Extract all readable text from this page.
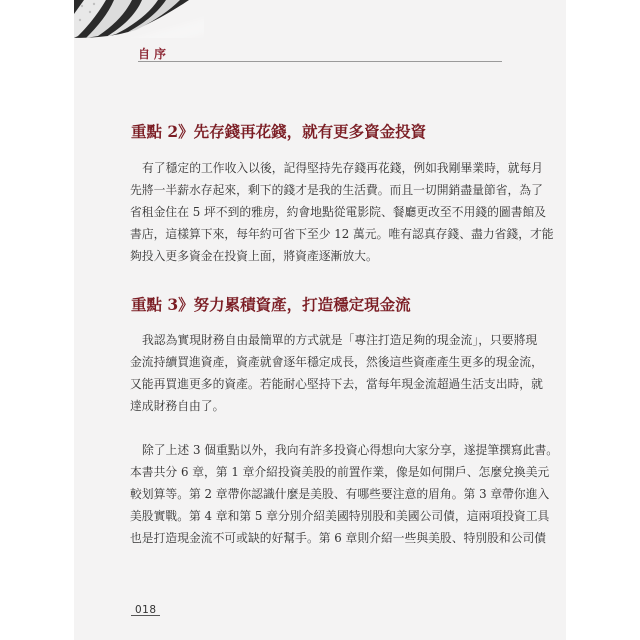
自序
重點 2》先存錢再花錢，就有更多資金投資
有了穩定的工作收入以後，記得堅持先存錢再花錢，例如我剛畢業時，就每月
先將一半薪水存起來，剩下的錢才是我的生活費。而且一切開銷盡量節省，為了
省租金住在 5 坪不到的雅房，約會地點從電影院、餐廳更改至不用錢的圖書館及
書店，這樣算下來，每年約可省下至少 12 萬元。唯有認真存錢、盡力省錢，才能
夠投入更多資金在投資上面，將資產逐漸放大。
重點 3》努力累積資產，打造穩定現金流
我認為實現財務自由最簡單的方式就是「專注打造足夠的現金流」，只要將現
金流持續買進資產，資產就會逐年穩定成長，然後這些資產產生更多的現金流，
又能再買進更多的資產。若能耐心堅持下去，當每年現金流超過生活支出時，就
達成財務自由了。
除了上述 3 個重點以外，我向有許多投資心得想向大家分享，遂提筆撰寫此書。
本書共分 6 章，第 1 章介紹投資美股的前置作業，像是如何開戶、怎麼兌換美元
較划算等。第 2 章帶你認識什麼是美股、有哪些要注意的眉角。第 3 章帶你進入
美股實戰。第 4 章和第 5 章分別介紹美國特別股和美國公司債，這兩項投資工具
也是打造現金流不可或缺的好幫手。第 6 章則介紹一些與美股、特別股和公司債
018
